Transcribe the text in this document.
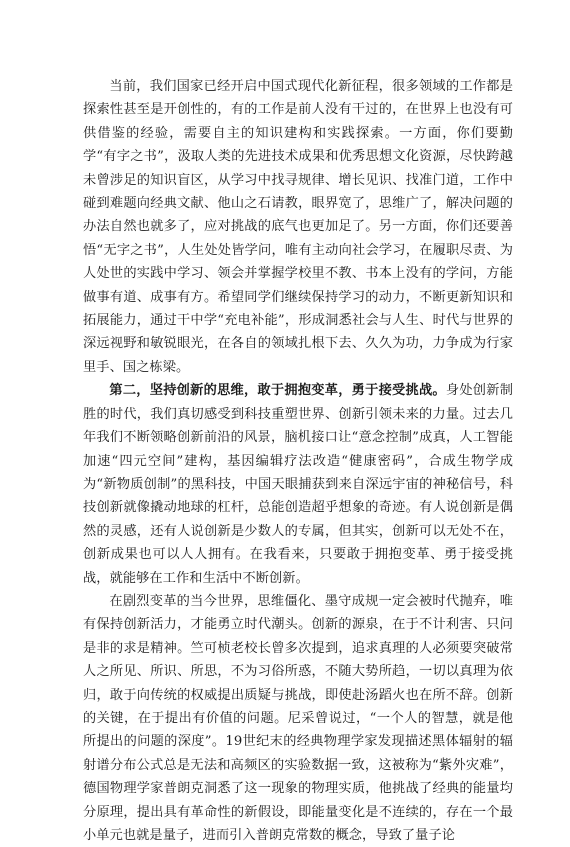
当前，我们国家已经开启中国式现代化新征程，很多领域的工作都是探索性甚至是开创性的，有的工作是前人没有干过的，在世界上也没有可供借鉴的经验，需要自主的知识建构和实践探索。一方面，你们要勤学“有字之书”，汲取人类的先进技术成果和优秀思想文化资源，尽快跨越未曾涉足的知识盲区，从学习中找寻规律、增长见识、找准门道，工作中碰到难题向经典文献、他山之石请教，眼界宽了，思维广了，解决问题的办法自然也就多了，应对挑战的底气也更加足了。另一方面，你们还要善悟“无字之书”，人生处处皆学问，唯有主动向社会学习，在履职尽责、为人处世的实践中学习、领会并掌握学校里不教、书本上没有的学问，方能做事有道、成事有方。希望同学们继续保持学习的动力，不断更新知识和拓展能力，通过干中学“充电补能”，形成洞悉社会与人生、时代与世界的深远视野和敏锐眼光，在各自的领域扎根下去、久久为功，力争成为行家里手、国之栋梁。

第二，坚持创新的思维，敢于拥抱变革，勇于接受挑战。身处创新制胜的时代，我们真切感受到科技重塑世界、创新引领未来的力量。过去几年我们不断领略创新前沿的风景，脑机接口让“意念控制”成真，人工智能加速“四元空间”建构，基因编辑疗法改造“健康密码”，合成生物学成为“新物质创制”的黑科技，中国天眼捕获到来自深远宇宙的神秘信号，科技创新就像撬动地球的杠杆，总能创造超乎想象的奇迹。有人说创新是偶然的灵感，还有人说创新是少数人的专属，但其实，创新可以无处不在，创新成果也可以人人拥有。在我看来，只要敢于拥抱变革、勇于接受挑战，就能够在工作和生活中不断创新。

在剧烈变革的当今世界，思维僵化、墨守成规一定会被时代抛弃，唯有保持创新活力，才能勇立时代潮头。创新的源泉，在于不计利害、只问是非的求是精神。竺可桢老校长曾多次提到，追求真理的人必须要突破常人之所见、所识、所思，不为习俗所惑，不随大势所趋，一切以真理为依归，敢于向传统的权威提出质疑与挑战，即使赴汤蹈火也在所不辞。创新的关键，在于提出有价值的问题。尼采曾说过，“一个人的智慧，就是他所提出的问题的深度”。19世纪末的经典物理学家发现描述黑体辐射的辐射谱分布公式总是无法和高频区的实验数据一致，这被称为“紫外灾难”，德国物理学家普朗克洞悉了这一现象的物理实质，他挑战了经典的能量均分原理，提出具有革命性的新假设，即能量变化是不连续的，存在一个最小单元也就是量子，进而引入普朗克常数的概念，导致了量子论
